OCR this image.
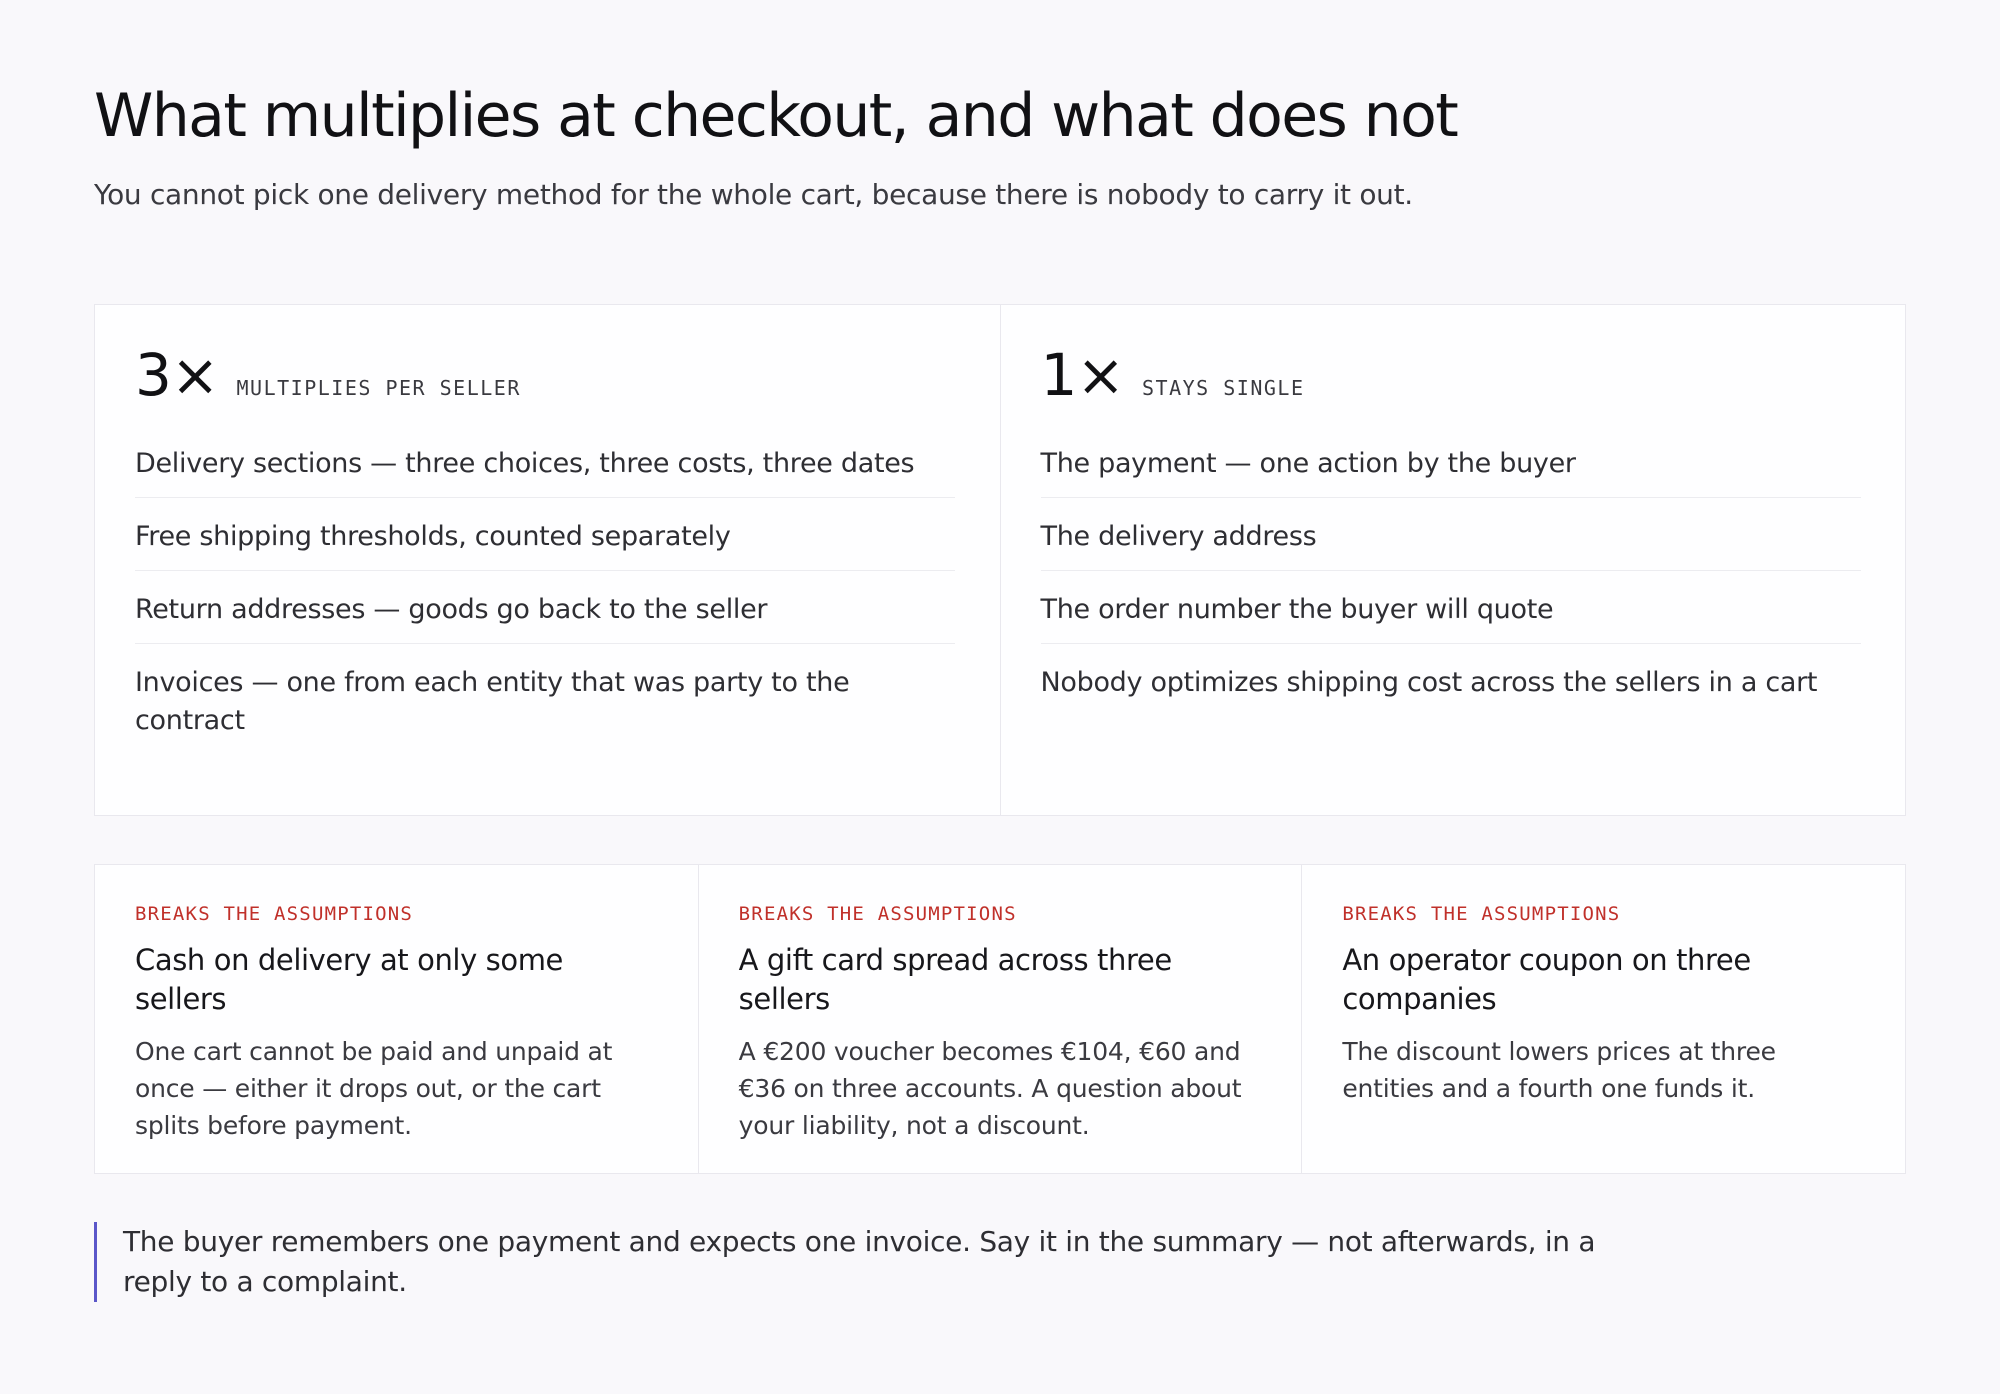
What multiplies at checkout, and what does not

You cannot pick one delivery method for the whole cart, because there is nobody to carry it out.

3× MULTIPLIES PER SELLER
Delivery sections — three choices, three costs, three dates
Free shipping thresholds, counted separately
Return addresses — goods go back to the seller
Invoices — one from each entity that was party to the contract
1× STAYS SINGLE
The payment — one action by the buyer
The delivery address
The order number the buyer will quote
Nobody optimizes shipping cost across the sellers in a cart
BREAKS THE ASSUMPTIONS
Cash on delivery at only some sellers
One cart cannot be paid and unpaid at once — either it drops out, or the cart splits before payment.
BREAKS THE ASSUMPTIONS
A gift card spread across three sellers
A €200 voucher becomes €104, €60 and €36 on three accounts. A question about your liability, not a discount.
BREAKS THE ASSUMPTIONS
An operator coupon on three companies
The discount lowers prices at three entities and a fourth one funds it.
The buyer remembers one payment and expects one invoice. Say it in the summary — not afterwards, in a reply to a complaint.
